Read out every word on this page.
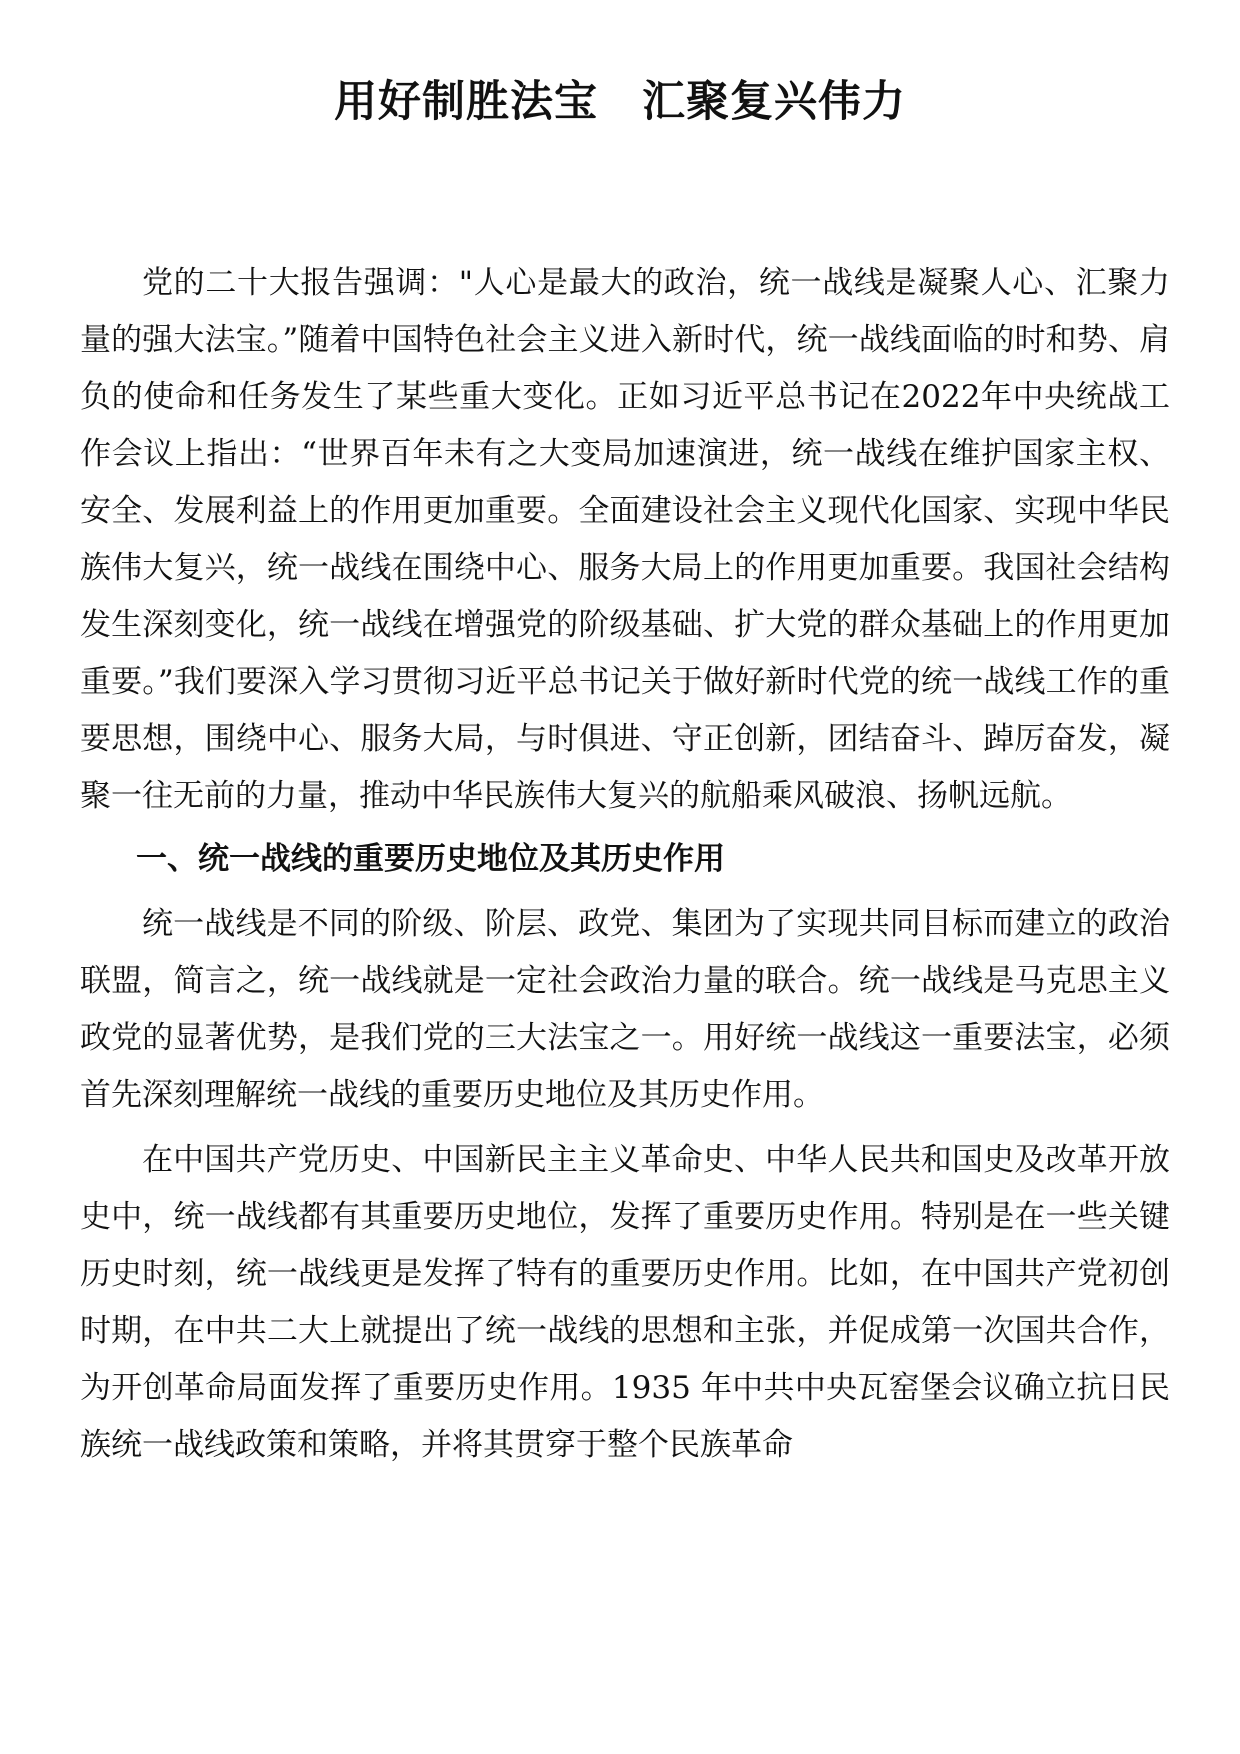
用好制胜法宝　汇聚复兴伟力

党的二十大报告强调："人心是最大的政治，统一战线是凝聚人心、汇聚力量的强大法宝。”随着中国特色社会主义进入新时代，统一战线面临的时和势、肩负的使命和任务发生了某些重大变化。正如习近平总书记在2022年中央统战工作会议上指出：“世界百年未有之大变局加速演进，统一战线在维护国家主权、安全、发展利益上的作用更加重要。全面建设社会主义现代化国家、实现中华民族伟大复兴，统一战线在围绕中心、服务大局上的作用更加重要。我国社会结构发生深刻变化，统一战线在增强党的阶级基础、扩大党的群众基础上的作用更加重要。”我们要深入学习贯彻习近平总书记关于做好新时代党的统一战线工作的重要思想，围绕中心、服务大局，与时俱进、守正创新，团结奋斗、踔厉奋发，凝聚一往无前的力量，推动中华民族伟大复兴的航船乘风破浪、扬帆远航。

一、统一战线的重要历史地位及其历史作用

统一战线是不同的阶级、阶层、政党、集团为了实现共同目标而建立的政治联盟，简言之，统一战线就是一定社会政治力量的联合。统一战线是马克思主义政党的显著优势，是我们党的三大法宝之一。用好统一战线这一重要法宝，必须首先深刻理解统一战线的重要历史地位及其历史作用。

在中国共产党历史、中国新民主主义革命史、中华人民共和国史及改革开放史中，统一战线都有其重要历史地位，发挥了重要历史作用。特别是在一些关键历史时刻，统一战线更是发挥了特有的重要历史作用。比如，在中国共产党初创时期，在中共二大上就提出了统一战线的思想和主张，并促成第一次国共合作，为开创革命局面发挥了重要历史作用。1935 年中共中央瓦窑堡会议确立抗日民族统一战线政策和策略，并将其贯穿于整个民族革命
